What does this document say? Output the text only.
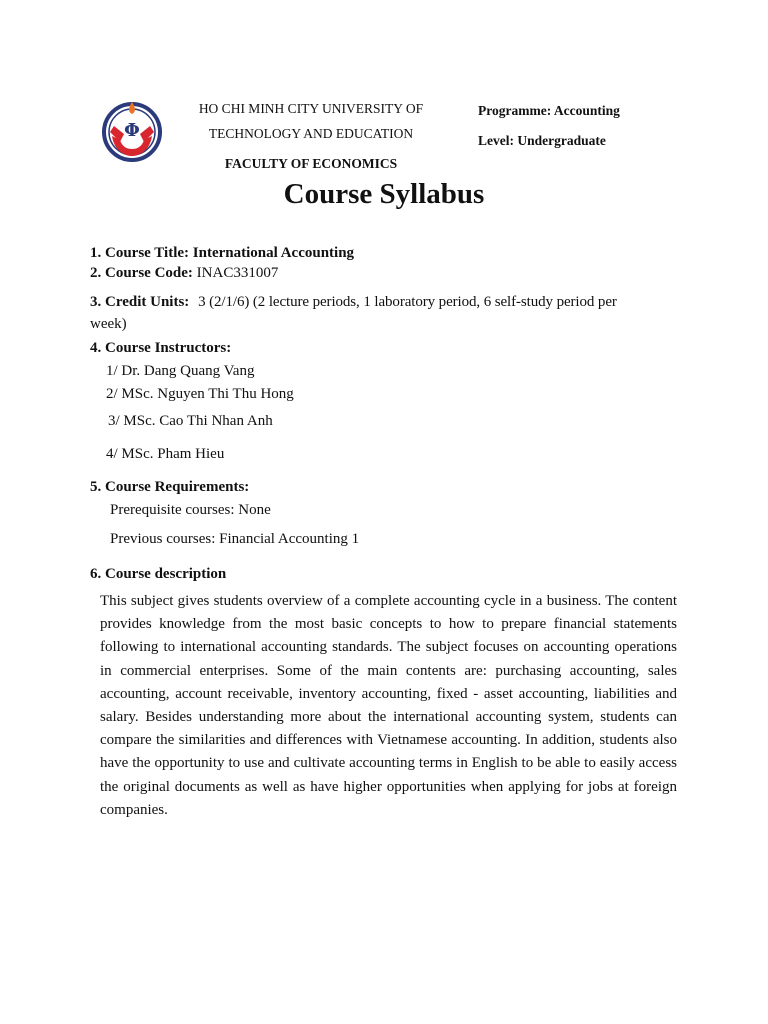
Φ
HO CHI MINH CITY UNIVERSITY OF
TECHNOLOGY AND EDUCATION
FACULTY OF ECONOMICS
Programme: Accounting
Level: Undergraduate
Course Syllabus
1. Course Title: International Accounting
2. Course Code: INAC331007
3. Credit Units: 3 (2/1/6) (2 lecture periods, 1 laboratory period, 6 self-study period per
week)
4. Course Instructors:
1/ Dr. Dang Quang Vang
2/ MSc. Nguyen Thi Thu Hong
3/ MSc. Cao Thi Nhan Anh
4/ MSc. Pham Hieu
5. Course Requirements:
Prerequisite courses: None
Previous courses: Financial Accounting 1
6. Course description
This subject gives students overview of a complete accounting cycle in a business. The content provides knowledge from the most basic concepts to how to prepare financial statements following to international accounting standards. The subject focuses on accounting operations in commercial enterprises. Some of the main contents are: purchasing accounting, sales accounting, account receivable, inventory accounting, fixed - asset accounting, liabilities and salary. Besides understanding more about the international accounting system, students can compare the similarities and differences with Vietnamese accounting. In addition, students also have the opportunity to use and cultivate accounting terms in English to be able to easily access the original documents as well as have higher opportunities when applying for jobs at foreign companies.
